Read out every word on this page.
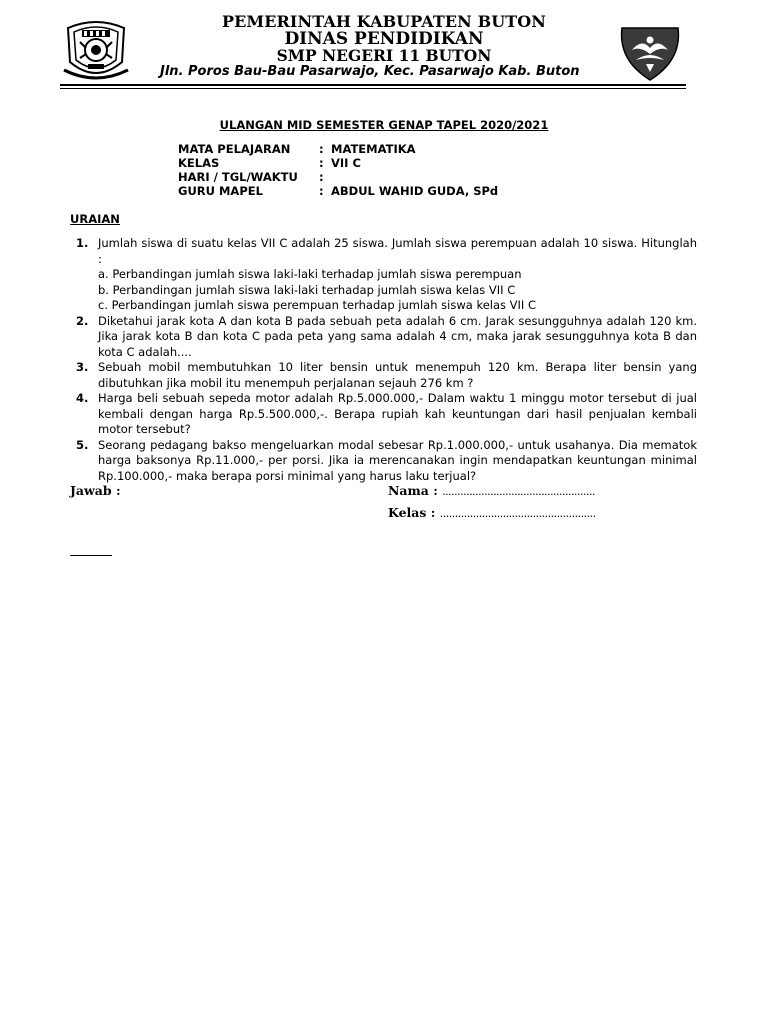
PEMERINTAH KABUPATEN BUTON
DINAS PENDIDIKAN
SMP NEGERI 11 BUTON
Jln. Poros Bau-Bau Pasarwajo, Kec. Pasarwajo Kab. Buton
ULANGAN MID SEMESTER GENAP TAPEL 2020/2021
MATA PELAJARAN : MATEMATIKA
KELAS	: VII C
HARI / TGL/WAKTU :
GURU MAPEL	: ABDUL WAHID GUDA, SPd
URAIAN
1. Jumlah siswa di suatu kelas VII C adalah 25 siswa. Jumlah siswa perempuan adalah 10 siswa. Hitunglah :
a. Perbandingan jumlah siswa laki-laki terhadap jumlah siswa perempuan
b. Perbandingan jumlah siswa laki-laki terhadap jumlah siswa kelas VII C
c. Perbandingan jumlah siswa perempuan terhadap jumlah siswa kelas VII C
2. Diketahui jarak kota A dan kota B pada sebuah peta adalah 6 cm. Jarak sesungguhnya adalah 120 km. Jika jarak kota B dan kota C pada peta yang sama adalah 4 cm, maka jarak sesungguhnya kota B dan kota C adalah....
3. Sebuah mobil membutuhkan 10 liter bensin untuk menempuh 120 km. Berapa liter bensin yang dibutuhkan jika mobil itu menempuh perjalanan sejauh 276 km ?
4. Harga beli sebuah sepeda motor adalah Rp.5.000.000,- Dalam waktu 1 minggu motor tersebut di jual kembali dengan harga Rp.5.500.000,-. Berapa rupiah kah keuntungan dari hasil penjualan kembali motor tersebut?
5. Seorang pedagang bakso mengeluarkan modal sebesar Rp.1.000.000,- untuk usahanya. Dia mematok harga baksonya Rp.11.000,- per porsi. Jika ia merencanakan ingin mendapatkan keuntungan minimal Rp.100.000,- maka berapa porsi minimal yang harus laku terjual?
Jawab :	Nama : ...................................................
Kelas : ....................................................
